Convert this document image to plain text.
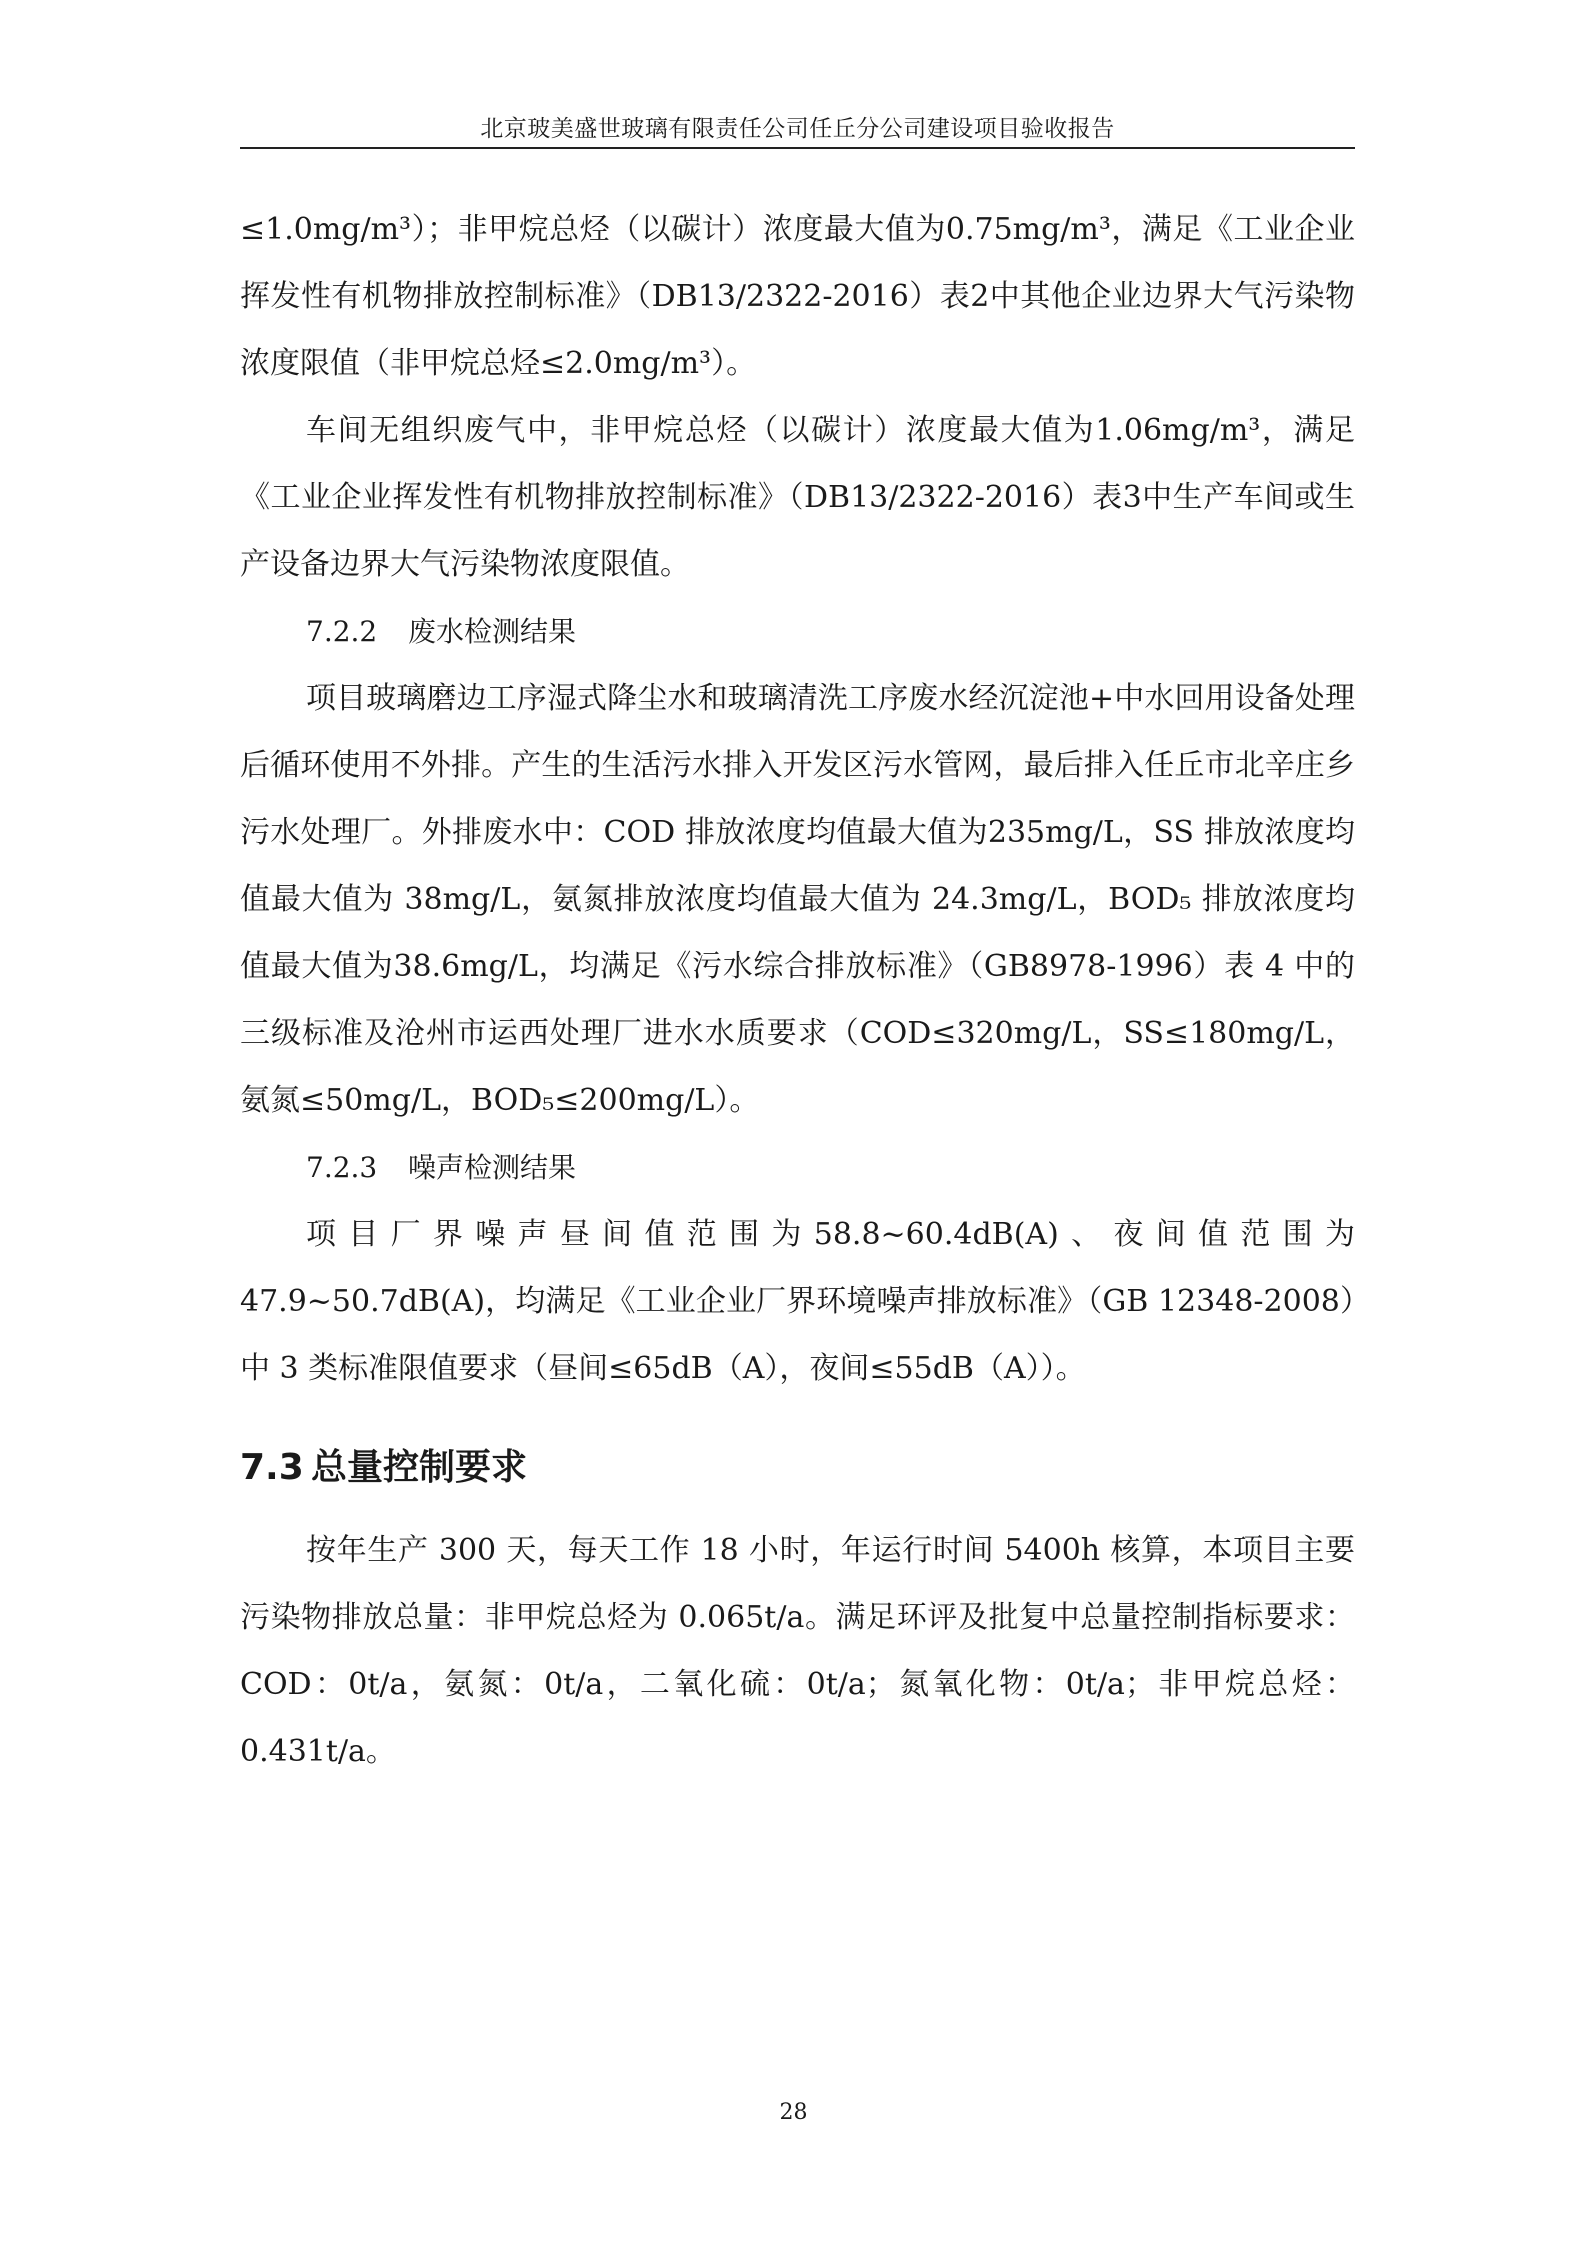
北京玻美盛世玻璃有限责任公司任丘分公司建设项目验收报告

≤1.0mg/m³）；非甲烷总烃（以碳计）浓度最大值为0.75mg/m³，满足《工业企业挥发性有机物排放控制标准》（DB13/2322-2016）表2中其他企业边界大气污染物浓度限值（非甲烷总烃≤2.0mg/m³）。

车间无组织废气中，非甲烷总烃（以碳计）浓度最大值为1.06mg/m³，满足《工业企业挥发性有机物排放控制标准》（DB13/2322-2016）表3中生产车间或生产设备边界大气污染物浓度限值。

7.2.2 废水检测结果

项目玻璃磨边工序湿式降尘水和玻璃清洗工序废水经沉淀池+中水回用设备处理后循环使用不外排。产生的生活污水排入开发区污水管网，最后排入任丘市北辛庄乡污水处理厂。外排废水中：COD 排放浓度均值最大值为235mg/L，SS 排放浓度均值最大值为 38mg/L，氨氮排放浓度均值最大值为 24.3mg/L，BOD₅ 排放浓度均值最大值为38.6mg/L，均满足《污水综合排放标准》（GB8978-1996）表 4 中的三级标准及沧州市运西处理厂进水水质要求（COD≤320mg/L，SS≤180mg/L，氨氮≤50mg/L，BOD₅≤200mg/L）。

7.2.3 噪声检测结果

项目厂界噪声昼间值范围为58.8~60.4dB(A)、夜间值范围为47.9~50.7dB(A)，均满足《工业企业厂界环境噪声排放标准》（GB 12348-2008）中 3 类标准限值要求（昼间≤65dB（A），夜间≤55dB（A））。

7.3 总量控制要求

按年生产 300 天，每天工作 18 小时，年运行时间 5400h 核算，本项目主要污染物排放总量：非甲烷总烃为 0.065t/a。满足环评及批复中总量控制指标要求：COD：0t/a，氨氮：0t/a，二氧化硫：0t/a；氮氧化物：0t/a；非甲烷总烃：0.431t/a。

28
